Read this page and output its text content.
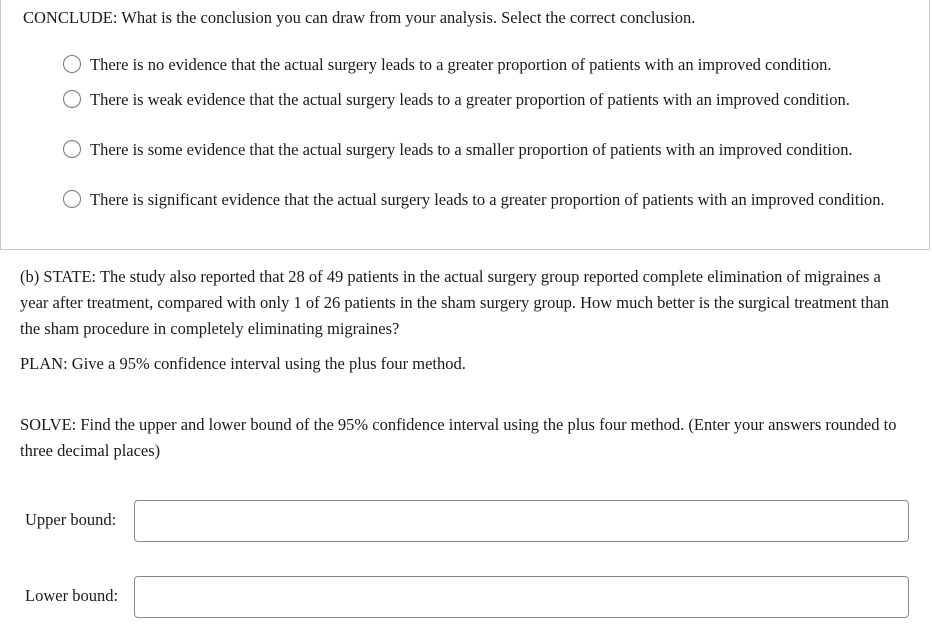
CONCLUDE: What is the conclusion you can draw from your analysis. Select the correct conclusion.
There is no evidence that the actual surgery leads to a greater proportion of patients with an improved condition.
There is weak evidence that the actual surgery leads to a greater proportion of patients with an improved condition.
There is some evidence that the actual surgery leads to a smaller proportion of patients with an improved condition.
There is significant evidence that the actual surgery leads to a greater proportion of patients with an improved condition.
(b) STATE: The study also reported that 28 of 49 patients in the actual surgery group reported complete elimination of migraines a year after treatment, compared with only 1 of 26 patients in the sham surgery group. How much better is the surgical treatment than the sham procedure in completely eliminating migraines?
PLAN: Give a 95% confidence interval using the plus four method.
SOLVE: Find the upper and lower bound of the 95% confidence interval using the plus four method. (Enter your answers rounded to three decimal places)
Upper bound:
Lower bound:
